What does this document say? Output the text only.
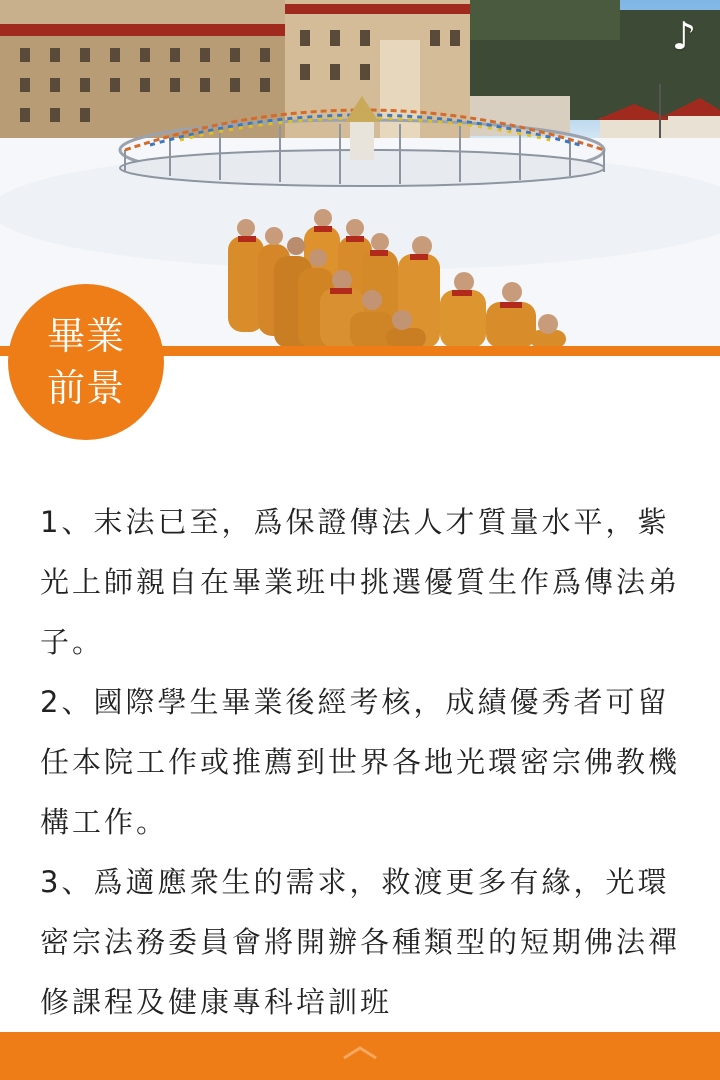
♪
畢業
前景

1、末法已至，爲保證傳法人才質量水平，紫光上師親自在畢業班中挑選優質生作爲傳法弟子。

2、國際學生畢業後經考核，成績優秀者可留任本院工作或推薦到世界各地光環密宗佛教機構工作。

3、爲適應衆生的需求，救渡更多有緣，光環密宗法務委員會將開辦各種類型的短期佛法禪修課程及健康專科培訓班
